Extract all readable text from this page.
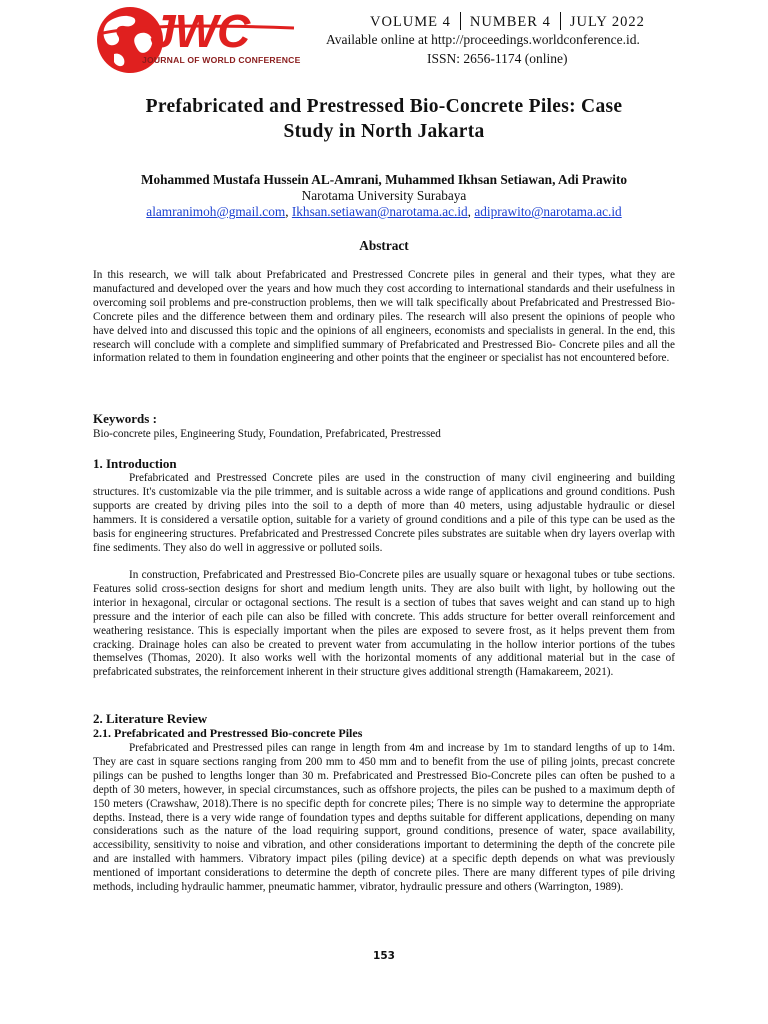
JWC
JOURNAL OF WORLD CONFERENCE
VOLUME 4 NUMBER 4 JULY 2022
Available online at http://proceedings.worldconference.id.
ISSN: 2656-1174 (online)
Prefabricated and Prestressed Bio-Concrete Piles: Case
Study in North Jakarta
Mohammed Mustafa Hussein AL-Amrani, Muhammed Ikhsan Setiawan, Adi Prawito
Narotama University Surabaya
alamranimoh@gmail.com, Ikhsan.setiawan@narotama.ac.id, adiprawito@narotama.ac.id
Abstract
In this research, we will talk about Prefabricated and Prestressed Concrete piles in general and their types, what they are manufactured and developed over the years and how much they cost according to international standards and their usefulness in overcoming soil problems and pre-construction problems, then we will talk specifically about Prefabricated and Prestressed Bio-Concrete piles and the difference between them and ordinary piles. The research will also present the opinions of people who have delved into and discussed this topic and the opinions of all engineers, economists and specialists in general. In the end, this research will conclude with a complete and simplified summary of Prefabricated and Prestressed Bio- Concrete piles and all the information related to them in foundation engineering and other points that the engineer or specialist has not encountered before.
Keywords :
Bio-concrete piles, Engineering Study, Foundation, Prefabricated, Prestressed
1. Introduction
Prefabricated and Prestressed Concrete piles are used in the construction of many civil engineering and building structures. It's customizable via the pile trimmer, and is suitable across a wide range of applications and ground conditions. Push supports are created by driving piles into the soil to a depth of more than 40 meters, using adjustable hydraulic or diesel hammers. It is considered a versatile option, suitable for a variety of ground conditions and a pile of this type can be used as the basis for engineering structures. Prefabricated and Prestressed Concrete piles substrates are suitable when dry layers overlap with fine sediments. They also do well in aggressive or polluted soils.
In construction, Prefabricated and Prestressed Bio-Concrete piles are usually square or hexagonal tubes or tube sections. Features solid cross-section designs for short and medium length units. They are also built with light, by hollowing out the interior in hexagonal, circular or octagonal sections. The result is a section of tubes that saves weight and can stand up to high pressure and the interior of each pile can also be filled with concrete. This adds structure for better overall reinforcement and weathering resistance. This is especially important when the piles are exposed to severe frost, as it helps prevent them from cracking. Drainage holes can also be created to prevent water from accumulating in the hollow interior portions of the tubes themselves (Thomas, 2020). It also works well with the horizontal moments of any additional material but in the case of prefabricated substrates, the reinforcement inherent in their structure gives additional strength (Hamakareem, 2021).
2. Literature Review
2.1. Prefabricated and Prestressed Bio-concrete Piles
Prefabricated and Prestressed piles can range in length from 4m and increase by 1m to standard lengths of up to 14m. They are cast in square sections ranging from 200 mm to 450 mm and to benefit from the use of piling joints, precast concrete pilings can be pushed to lengths longer than 30 m. Prefabricated and Prestressed Bio-Concrete piles can often be pushed to a depth of 30 meters, however, in special circumstances, such as offshore projects, the piles can be pushed to a maximum depth of 150 meters (Crawshaw, 2018).There is no specific depth for concrete piles; There is no simple way to determine the appropriate depths. Instead, there is a very wide range of foundation types and depths suitable for different applications, depending on many considerations such as the nature of the load requiring support, ground conditions, presence of water, space availability, accessibility, sensitivity to noise and vibration, and other considerations important to determining the depth of the concrete pile and are installed with hammers. Vibratory impact piles (piling device) at a specific depth depends on what was previously mentioned of important considerations to determine the depth of concrete piles. There are many different types of pile driving methods, including hydraulic hammer, pneumatic hammer, vibrator, hydraulic pressure and others (Warrington, 1989).
153
